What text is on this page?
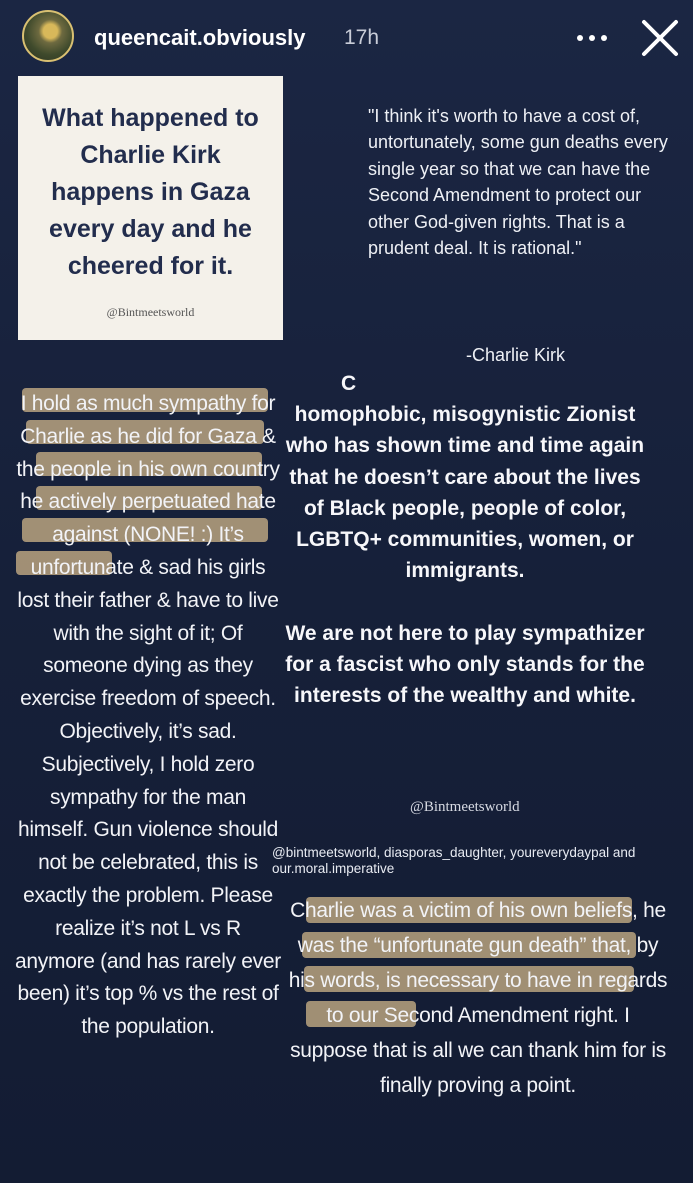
queencait.obviously 17h
What happened to Charlie Kirk happens in Gaza every day and he cheered for it.
@Bintmeetsworld
"I think it's worth to have a cost of, untortunately, some gun deaths every single year so that we can have the Second Amendment to protect our other God-given rights. That is a prudent deal. It is rational."
-Charlie Kirk
C

homophobic, misogynistic Zionist who has shown time and time again that he doesn’t care about the lives of Black people, people of color, LGBTQ+ communities, women, or immigrants.

We are not here to play sympathizer for a fascist who only stands for the interests of the wealthy and white.

@Bintmeetsworld
@bintmeetsworld, diasporas_daughter, youreverydaypal and our.moral.imperative
I hold as much sympathy for Charlie as he did for Gaza & the people in his own country he actively perpetuated hate against (NONE! :) It’s unfortunate & sad his girls lost their father & have to live with the sight of it; Of someone dying as they exercise freedom of speech. Objectively, it’s sad. Subjectively, I hold zero sympathy for the man himself. Gun violence should not be celebrated, this is exactly the problem. Please realize it’s not L vs R anymore (and has rarely ever been) it’s top % vs the rest of the population.
Charlie was a victim of his own beliefs, he was the “unfortunate gun death” that, by his words, is necessary to have in regards to our Second Amendment right. I suppose that is all we can thank him for is finally proving a point.
